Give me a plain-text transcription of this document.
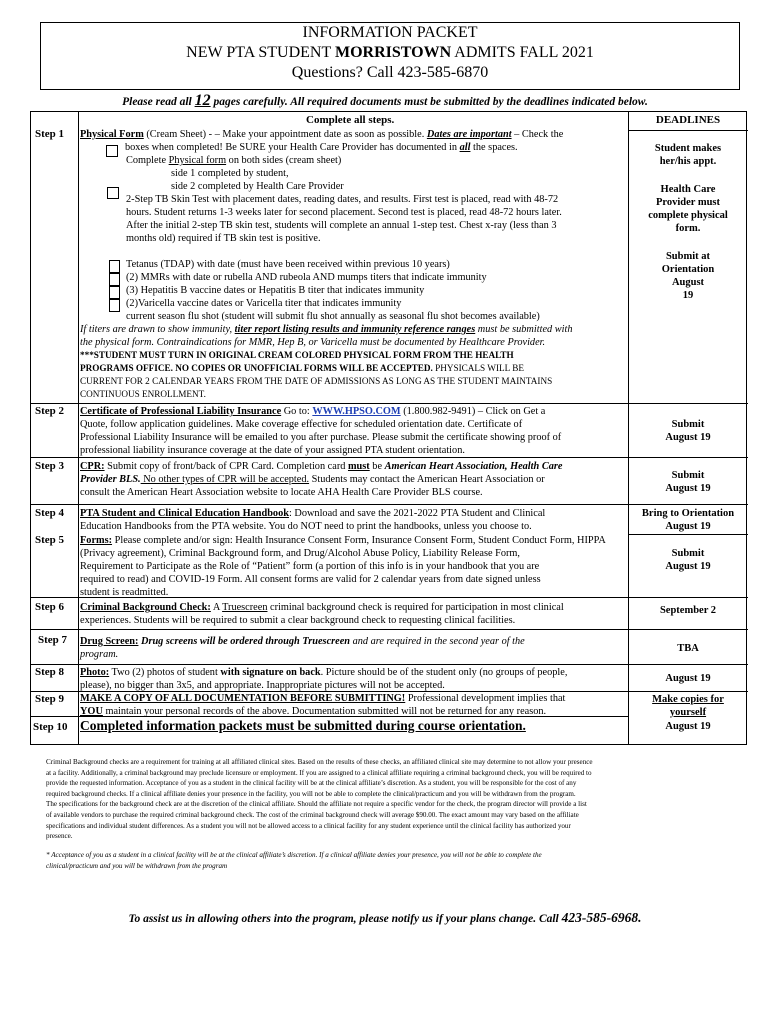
INFORMATION PACKET
NEW PTA STUDENT MORRISTOWN ADMITS FALL 2021
Questions? Call 423-585-6870
Please read all 12 pages carefully. All required documents must be submitted by the deadlines indicated below.
Complete all steps.	DEADLINES
Step 1 Physical Form (Cream Sheet) - – Make your appointment date as soon as possible. Dates are important – Check the
boxes when completed! Be SURE your Health Care Provider has documented in all the spaces.
Complete Physical form on both sides (cream sheet)
side 1 completed by student,
side 2 completed by Health Care Provider
2-Step TB Skin Test with placement dates, reading dates, and results. First test is placed, read with 48-72
hours. Student returns 1-3 weeks later for second placement. Second test is placed, read 48-72 hours later.
After the initial 2-step TB skin test, students will complete an annual 1-step test. Chest x-ray (less than 3
months old) required if TB skin test is positive.
Tetanus (TDAP) with date (must have been received within previous 10 years)
(2) MMRs with date or rubella AND rubeola AND mumps titers that indicate immunity
(3) Hepatitis B vaccine dates or Hepatitis B titer that indicates immunity
(2)Varicella vaccine dates or Varicella titer that indicates immunity
current season flu shot (student will submit flu shot annually as seasonal flu shot becomes available)
If titers are drawn to show immunity, titer report listing results and immunity reference ranges must be submitted with
the physical form. Contraindications for MMR, Hep B, or Varicella must be documented by Healthcare Provider.
***STUDENT MUST TURN IN ORIGINAL CREAM COLORED PHYSICAL FORM FROM THE HEALTH
PROGRAMS OFFICE. NO COPIES OR UNOFFICIAL FORMS WILL BE ACCEPTED. PHYSICALS WILL BE
CURRENT FOR 2 CALENDAR YEARS FROM THE DATE OF ADMISSIONS AS LONG AS THE STUDENT MAINTAINS
CONTINUOUS ENROLLMENT.
Student makes
her/his appt.
Health Care
Provider must
complete physical
form.
Submit at
Orientation
August
19
Step 2 Certificate of Professional Liability Insurance Go to: WWW.HPSO.COM (1.800.982-9491) – Click on Get a
Quote, follow application guidelines. Make coverage effective for scheduled orientation date. Certificate of
Professional Liability Insurance will be emailed to you after purchase. Please submit the certificate showing proof of
professional liability insurance coverage at the date of your assigned PTA student orientation.
Submit
August 19
Step 3 CPR: Submit copy of front/back of CPR Card. Completion card must be American Heart Association, Health Care
Provider BLS. No other types of CPR will be accepted. Students may contact the American Heart Association or
consult the American Heart Association website to locate AHA Health Care Provider BLS course.
Submit
August 19
Step 4 PTA Student and Clinical Education Handbook: Download and save the 2021-2022 PTA Student and Clinical
Education Handbooks from the PTA website. You do NOT need to print the handbooks, unless you choose to.
Bring to Orientation
August 19
Step 5 Forms: Please complete and/or sign: Health Insurance Consent Form, Insurance Consent Form, Student Conduct Form, HIPPA
(Privacy agreement), Criminal Background form, and Drug/Alcohol Abuse Policy, Liability Release Form,
Requirement to Participate as the Role of “Patient” form (a portion of this info is in your handbook that you are
required to read) and COVID-19 Form. All consent forms are valid for 2 calendar years from date signed unless
student is readmitted.
Submit
August 19
Step 6 Criminal Background Check: A Truescreen criminal background check is required for participation in most clinical
experiences. Students will be required to submit a clear background check to requesting clinical facilities.
September 2
Step 7 Drug Screen: Drug screens will be ordered through Truescreen and are required in the second year of the
program.
TBA
Step 8 Photo: Two (2) photos of student with signature on back. Picture should be of the student only (no groups of people,
please), no bigger than 3x5, and appropriate. Inappropriate pictures will not be accepted.
August 19
Step 9 MAKE A COPY OF ALL DOCUMENTATION BEFORE SUBMITTING! Professional development implies that
YOU maintain your personal records of the above. Documentation submitted will not be returned for any reason.
Make copies for
yourself
Step 10 Completed information packets must be submitted during course orientation.	August 19
Criminal Background checks are a requirement for training at all affiliated clinical sites. Based on the results of these checks, an affiliated clinical site may determine to not allow your presence
at a facility. Additionally, a criminal background may preclude licensure or employment. If you are assigned to a clinical affiliate requiring a criminal background check, you will be required to
provide the requested information. Acceptance of you as a student in the clinical facility will be at the clinical affiliate’s discretion. As a student, you will be responsible for the cost of any
required background checks. If a clinical affiliate denies your presence in the facility, you will not be able to complete the clinical/practicum and you will be withdrawn from the program.
The specifications for the background check are at the discretion of the clinical affiliate. Should the affiliate not require a specific vendor for the check, the program director will provide a list
of available vendors to purchase the required criminal background check. The cost of the criminal background check will average $90.00. The exact amount may vary based on the affiliate
specifications and individual student differences. As a student you will not be allowed access to a clinical facility for any student experience until the clinical facility has authorized your
presence.
* Acceptance of you as a student in a clinical facility will be at the clinical affiliate’s discretion. If a clinical affiliate denies your presence, you will not be able to complete the
clinical/practicum and you will be withdrawn from the program
To assist us in allowing others into the program, please notify us if your plans change. Call 423-585-6968.
